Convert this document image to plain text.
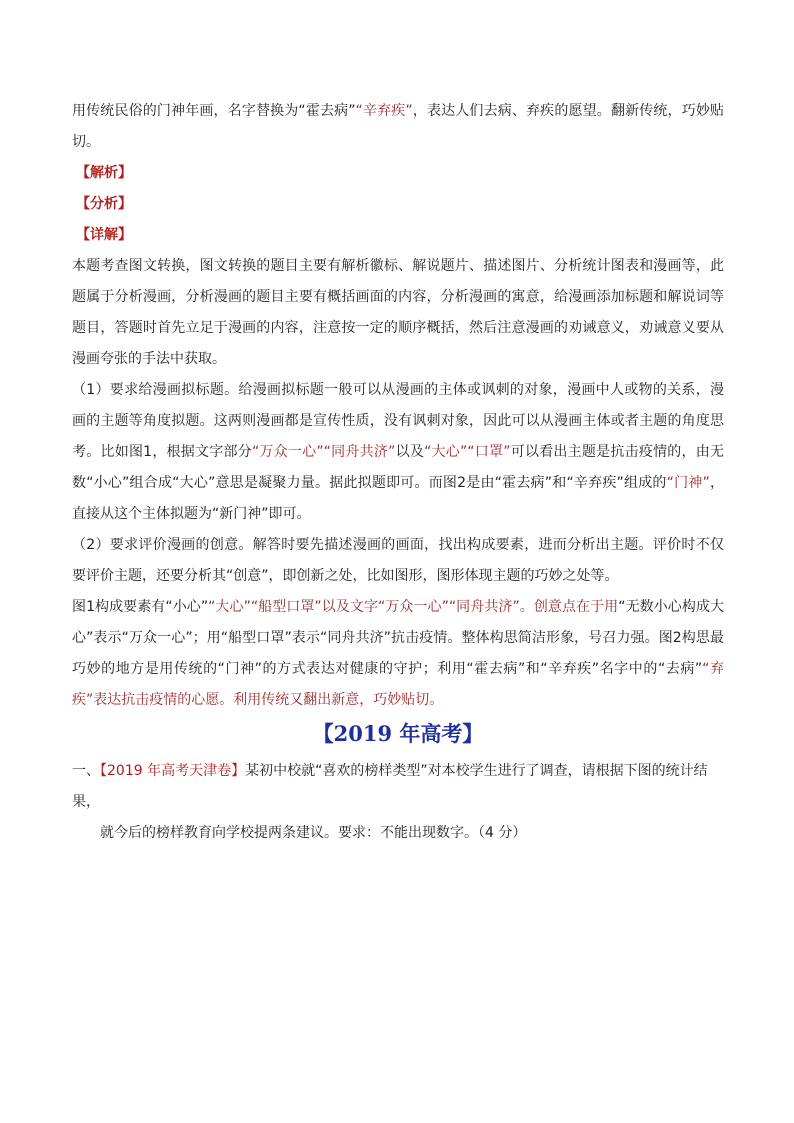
用传统民俗的门神年画，名字替换为“霍去病”“辛弃疾”，表达人们去病、弃疾的愿望。翻新传统，巧妙贴切。

【解析】

【分析】

【详解】

本题考查图文转换，图文转换的题目主要有解析徽标、解说题片、描述图片、分析统计图表和漫画等，此题属于分析漫画，分析漫画的题目主要有概括画面的内容，分析漫画的寓意，给漫画添加标题和解说词等题目，答题时首先立足于漫画的内容，注意按一定的顺序概括，然后注意漫画的劝诫意义，劝诫意义要从漫画夸张的手法中获取。

（1）要求给漫画拟标题。给漫画拟标题一般可以从漫画的主体或讽刺的对象，漫画中人或物的关系，漫画的主题等角度拟题。这两则漫画都是宣传性质，没有讽刺对象，因此可以从漫画主体或者主题的角度思考。比如图1，根据文字部分“万众一心”“同舟共济”以及“大心”“口罩”可以看出主题是抗击疫情的，由无数“小心”组合成“大心”意思是凝聚力量。据此拟题即可。而图2是由“霍去病”和“辛弃疾”组成的“门神”，直接从这个主体拟题为“新门神”即可。

（2）要求评价漫画的创意。解答时要先描述漫画的画面，找出构成要素，进而分析出主题。评价时不仅要评价主题，还要分析其“创意”，即创新之处，比如图形，图形体现主题的巧妙之处等。

图1构成要素有“小心”“大心”“船型口罩”以及文字“万众一心”“同舟共济”。创意点在于用“无数小心构成大心”表示“万众一心”；用“船型口罩”表示“同舟共济”抗击疫情。整体构思简洁形象，号召力强。图2构思最巧妙的地方是用传统的“门神”的方式表达对健康的守护；利用“霍去病”和“辛弃疾”名字中的“去病”“弃疾”表达抗击疫情的心愿。利用传统又翻出新意，巧妙贴切。

【2019 年高考】

一、【2019 年高考天津卷】某初中校就“喜欢的榜样类型”对本校学生进行了调查，请根据下图的统计结果，

就今后的榜样教育向学校提两条建议。要求：不能出现数字。（4 分）
